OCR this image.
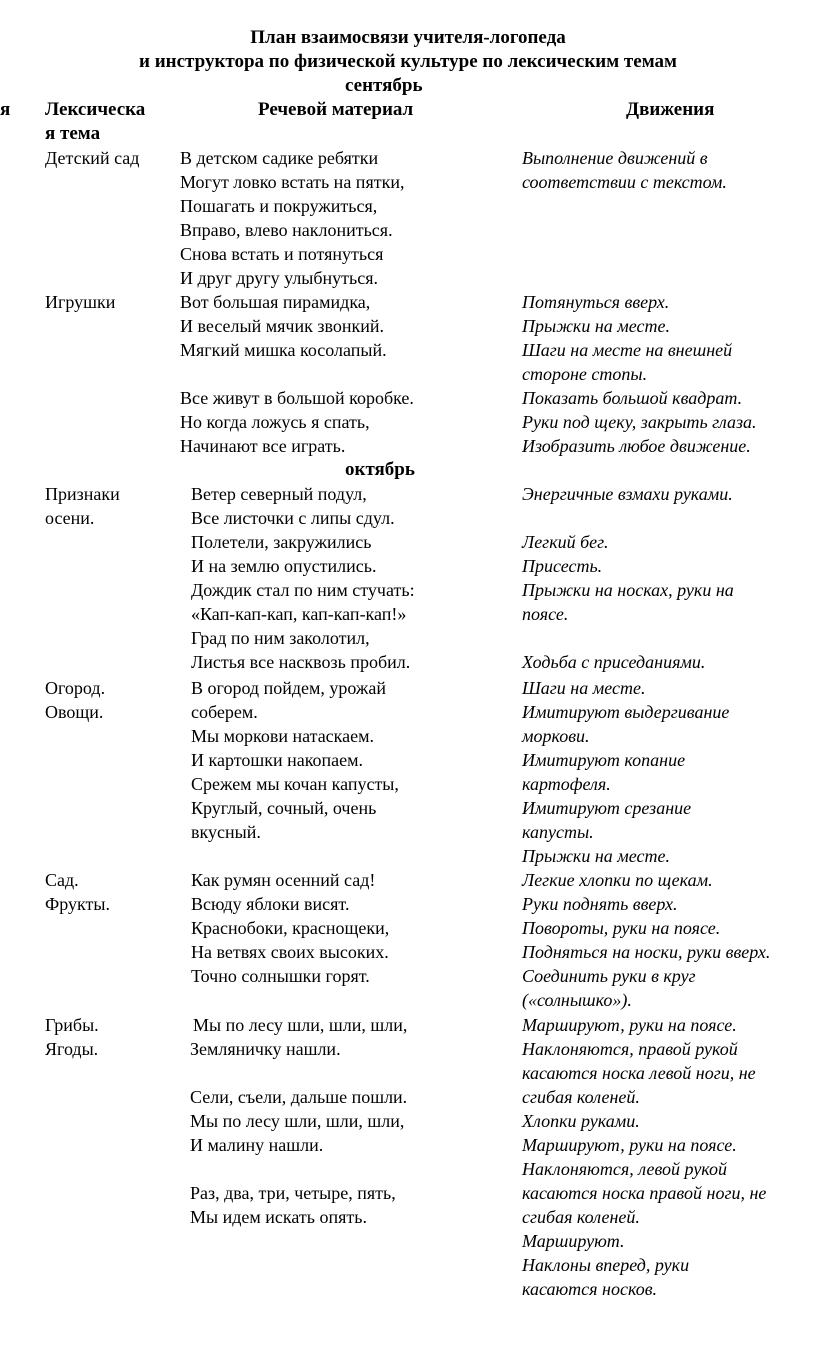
План взаимосвязи учителя-логопеда
и инструктора по физической культуре по лексическим темам
сентябрь
я Лексическа
я тема
Речевой материал	Движения
Детский сад В детском садике ребятки
Могут ловко встать на пятки,
Пошагать и покружиться,
Вправо, влево наклониться.
Снова встать и потянуться
И друг другу улыбнуться.
Выполнение движений в
соответствии с текстом.
Игрушки	Вот большая пирамидка,
И веселый мячик звонкий.
Мягкий мишка косолапый.

Все живут в большой коробке.
Но когда ложусь я спать,
Начинают все играть.
Потянуться вверх.
Прыжки на месте.
Шаги на месте на внешней
стороне стопы.
Показать большой квадрат.
Руки под щеку, закрыть глаза.
Изобразить любое движение.
октябрь
Признаки
осени.
Ветер северный подул,
Все листочки с липы сдул.
Полетели, закружились
И на землю опустились.
Дождик стал по ним стучать:
«Кап-кап-кап, кап-кап-кап!»
Град по ним заколотил,
Листья все насквозь пробил.
Энергичные взмахи руками.

Легкий бег.
Присесть.
Прыжки на носках, руки на
поясе.

Ходьба с приседаниями.
Огород.
Овощи.
В огород пойдем, урожай
соберем.
Мы моркови натаскаем.
И картошки накопаем.
Срежем мы кочан капусты,
Круглый, сочный, очень
вкусный.
Шаги на месте.
Имитируют выдергивание
моркови.
Имитируют копание
картофеля.
Имитируют срезание
капусты.
Прыжки на месте.
Сад.
Фрукты.
Как румян осенний сад!
Всюду яблоки висят.
Краснобоки, краснощеки,
На ветвях своих высоких.
Точно солнышки горят.
Легкие хлопки по щекам.
Руки поднять вверх.
Повороты, руки на поясе.
Подняться на носки, руки вверх.
Соединить руки в круг
(«солнышко»).
Грибы.
Ягоды.
Мы по лесу шли, шли, шли,
Земляничку нашли.

Сели, съели, дальше пошли.
Мы по лесу шли, шли, шли,
И малину нашли.

Раз, два, три, четыре, пять,
Мы идем искать опять.
Маршируют, руки на поясе.
Наклоняются, правой рукой
касаются носка левой ноги, не
сгибая коленей.
Хлопки руками.
Маршируют, руки на поясе.
Наклоняются, левой рукой
касаются носка правой ноги, не
сгибая коленей.
Маршируют.
Наклоны вперед, руки
касаются носков.
